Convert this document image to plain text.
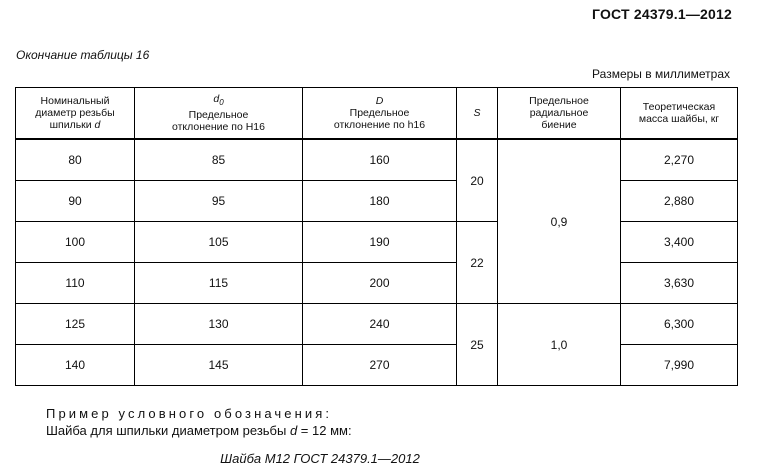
ГОСТ 24379.1—2012
Окончание таблицы 16
Размеры в миллиметрах
Номинальный
диаметр резьбы
шпильки d	$d_0$
Предельное
отклонение по Н16	D
Предельное
отклонение по h16	S	Предельное
радиальное
биение	Теоретическая
масса шайбы, кг

80	85	160	20	0,9	2,270
90	95	180			2,880
100	105	190	22		3,400
110	115	200			3,630
125	130	240	25	1,0	6,300
140	145	270			7,990
Пример условного обозначения:
Шайба для шпильки диаметром резьбы d = 12 мм:
Шайба М12 ГОСТ 24379.1—2012
